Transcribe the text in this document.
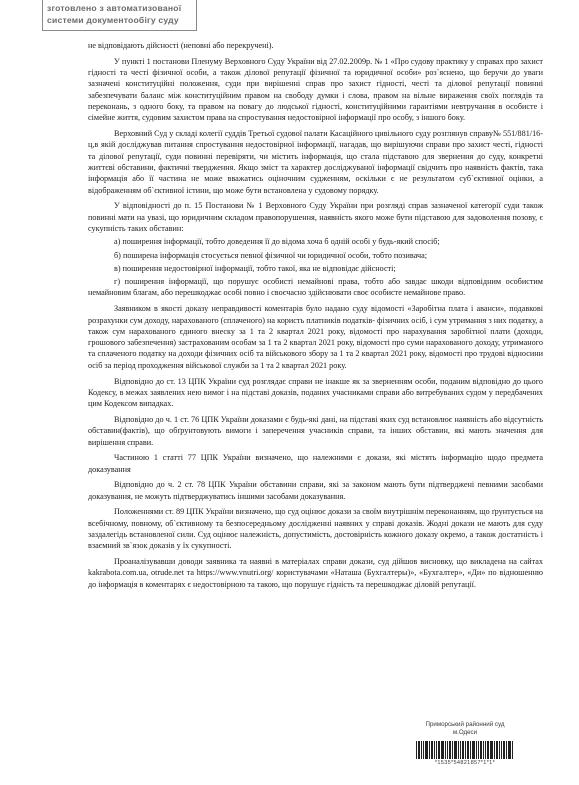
зготовлено з автоматизованої
системи документообігу суду

не відповідають дійсності (неповні або перекручені).

У пункті 1 постанови Пленуму Верховного Суду України від 27.02.2009р. № 1 «Про судову практику у справах про захист гідності та честі фізичної особи, а також ділової репутації фізичної та юридичної особи» роз`яснено, що беручи до уваги зазначені конституційні положення, суди при вирішенні справ про захист гідності, честі та ділової репутації повинні забезпечувати баланс між конституційним правом на свободу думки і слова, правом на вільне вираження своїх поглядів та переконань, з одного боку, та правом на повагу до людської гідності, конституційними гарантіями невтручання в особисте і сімейне життя, судовим захистом права на спростування недостовірної інформації про особу, з іншого боку.

Верховний Суд у складі колегії суддів Третьої судової палати Касаційного цивільного суду розглянув справу№ 551/881/16-ц,в якій досліджував питання спростування недостовірної інформації, нагадав, що вирішуючи справи про захист честі, гідності та ділової репутації, суди повинні перевіряти, чи містить інформація, що стала підставою для звернення до суду, конкретні життєві обставини, фактичні твердження. Якщо зміст та характер досліджуваної інформації свідчить про наявність фактів, така інформація або її частина не може вважатись оціночним судженням, оскільки є не результатом суб`єктивної оцінки, а відображенням об`єктивної істини, що може бути встановлена у судовому порядку.

У відповідності до п. 15 Постанови № 1 Верховного Суду України при розгляді справ зазначеної категорії суди також повинні мати на увазі, що юридичним складом правопорушення, наявність якого може бути підставою для задоволення позову, є сукупність таких обставин:

а) поширення інформації, тобто доведення її до відома хоча б одній особі у будь-який спосіб;

б) поширена інформація стосується певної фізичної чи юридичної особи, тобто позивача;

в) поширення недостовірної інформації, тобто такої, яка не відповідає дійсності;

г) поширення інформації, що порушує особисті немайнові права, тобто або завдає шкоди відповідним особистим немайновим благам, або перешкоджає особі повно і своєчасно здійснювати своє особисте немайнове право.

Заявником в якості доказу неправдивості коментарів було надано суду відомості «Заробітна плата і аванси», подавкові розрахунки сум доходу, нарахованого (сплаченого) на користь платників податків- фізичних осіб, і сум утримання з них податку, а також сум нарахованого єдиного внеску за 1 та 2 квартал 2021 року, відомості про нарахування заробітної плати (доходи, грошового забезпечення) застрахованим особам за 1 та 2 квартал 2021 року, відомості про суми нарахованого доходу, утриманого та сплаченого податку на доходи фізичних осіб та військового збору за 1 та 2 квартал 2021 року, відомості про трудові відносини осіб за період проходження військової служби за 1 та 2 квартал 2021 року.

Відповідно до ст. 13 ЦПК України суд розглядає справи не інакше як за зверненням особи, поданим відповідно до цього Кодексу, в межах заявлених нею вимог і на підставі доказів, поданих учасниками справи або витребуваних судом у передбачених цим Кодексом випадках.

Відповідно до ч. 1 ст. 76 ЦПК України доказами є будь-які дані, на підставі яких суд встановлює наявність або відсутність обставин(фактів), що обґрунтовують вимоги і заперечення учасників справи, та інших обставин, які мають значення для вирішення справи.

Частиною 1 статті 77 ЦПК України визначено, що належними є докази, які містять інформацію щодо предмета доказування

Відповідно до ч. 2 ст. 78 ЦПК України обставини справи, які за законом мають бути підтверджені певними засобами доказування, не можуть підтверджуватись іншими засобами доказування.

Положеннями ст. 89 ЦПК України визначено, що суд оцінює докази за своїм внутрішнім переконанням, що ґрунтується на всебічному, повному, об`єктивному та безпосередньому дослідженні наявних у справі доказів. Жодні докази не мають для суду заздалегідь встановленої сили. Суд оцінює належність, допустимість, достовірність кожного доказу окремо, а також достатність і взаємний зв`язок доказів у їх сукупності.

Проаналізувавши доводи заявника та наявні в матеріалах справи докази, суд дійшов висновку, що викладена на сайтах kakrabota.com.ua, otrude.net та https://www.vnutri.org/ користувачами «Наташа (Бухгалтеры)», «Бухгалтер», «Ди» по відношенню до інформація в коментарях є недостовірною та такою, що порушує гідність та перешкоджає діловій репутації.

Приморський районний суд
м.Одеси
*1535*54821857*1*1*
